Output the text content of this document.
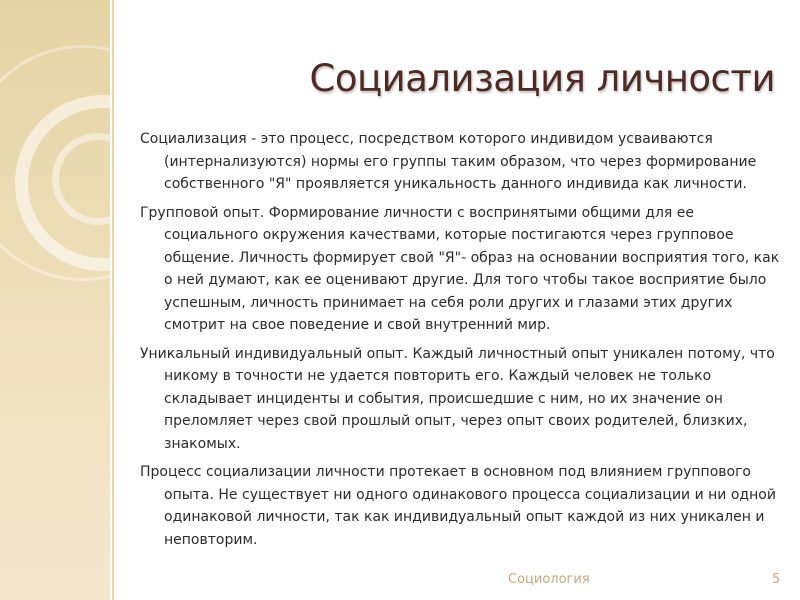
Социализация личности

Социализация - это процесс, посредством которого индивидом усваиваются (интернализуются) нормы его группы таким образом, что через формирование собственного "Я" проявляется уникальность данного индивида как личности.

Групповой опыт. Формирование личности с воспринятыми общими для ее социального окружения качествами, которые постигаются через групповое общение. Личность формирует свой "Я"- образ на основании восприятия того, как о ней думают, как ее оценивают другие. Для того чтобы такое восприятие было успешным, личность принимает на себя роли других и глазами этих других смотрит на свое поведение и свой внутренний мир.

Уникальный индивидуальный опыт. Каждый личностный опыт уникален потому, что никому в точности не удается повторить его. Каждый человек не только складывает инциденты и события, происшедшие с ним, но их значение он преломляет через свой прошлый опыт, через опыт своих родителей, близких, знакомых.

Процесс социализации личности протекает в основном под влиянием группового опыта. Не существует ни одного одинакового процесса социализации и ни одной одинаковой личности, так как индивидуальный опыт каждой из них уникален и неповторим.

Социология	5
